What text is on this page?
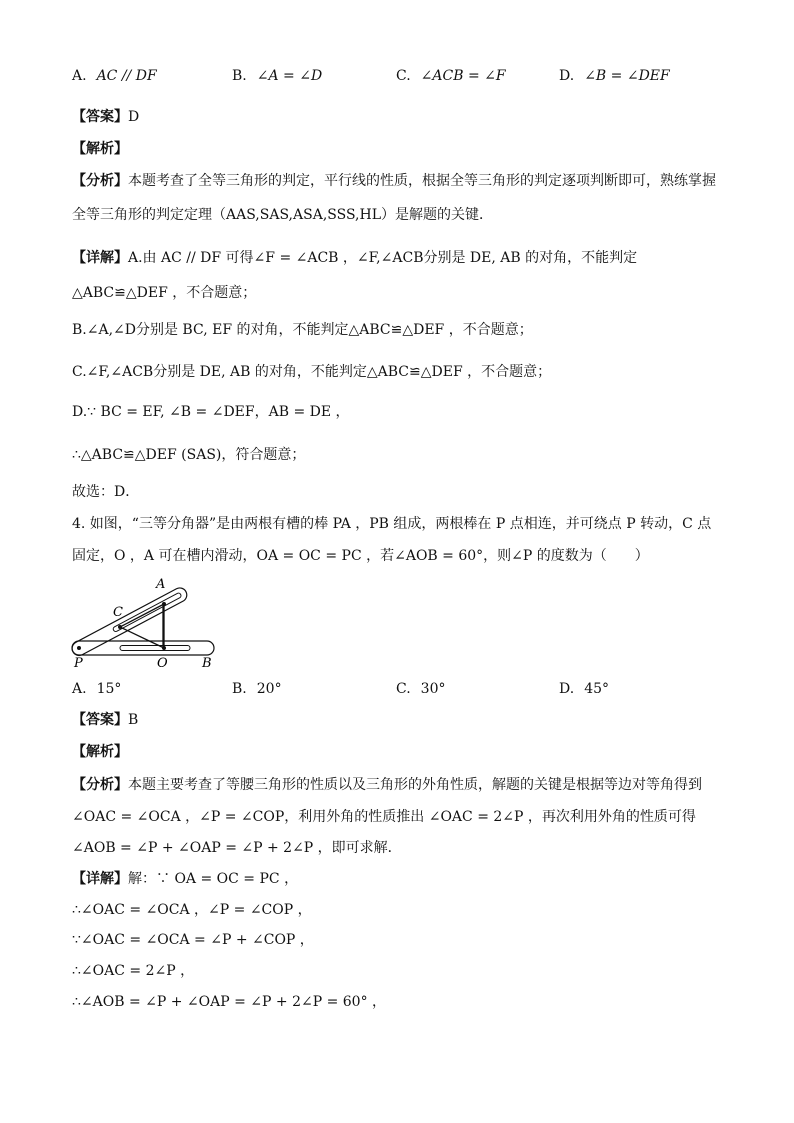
A. AC // DF	B. ∠A = ∠D	C. ∠ACB = ∠F	D. ∠B = ∠DEF
【答案】D
【解析】
【分析】本题考查了全等三角形的判定，平行线的性质，根据全等三角形的判定逐项判断即可，熟练掌握
全等三角形的判定定理（AAS,SAS,ASA,SSS,HL）是解题的关键．
【详解】A.由 AC // DF 可得∠F = ∠ACB ，∠F,∠ACB分别是 DE, AB 的对角，不能判定
△ABC≌△DEF ，不合题意；
B.∠A,∠D分别是 BC, EF 的对角，不能判定△ABC≌△DEF ，不合题意；
C.∠F,∠ACB分别是 DE, AB 的对角，不能判定△ABC≌△DEF ，不合题意；
D.∵ BC = EF, ∠B = ∠DEF，AB = DE ，
∴△ABC≌△DEF (SAS)，符合题意；
故选：D．
4. 如图，“三等分角器”是由两根有槽的棒 PA ，PB 组成，两根棒在 P 点相连，并可绕点 P 转动，C 点
固定，O ，A 可在槽内滑动，OA = OC = PC ，若∠AOB = 60°，则∠P 的度数为（　　）
A
C
P	O	B
A. 15°	B. 20°	C. 30°	D. 45°
【答案】B
【解析】
【分析】本题主要考查了等腰三角形的性质以及三角形的外角性质，解题的关键是根据等边对等角得到
∠OAC = ∠OCA ，∠P = ∠COP，利用外角的性质推出 ∠OAC = 2∠P ，再次利用外角的性质可得
∠AOB = ∠P + ∠OAP = ∠P + 2∠P ，即可求解．
【详解】解：∵ OA = OC = PC ，
∴∠OAC = ∠OCA ，∠P = ∠COP ，
∵∠OAC = ∠OCA = ∠P + ∠COP ，
∴∠OAC = 2∠P ，
∴∠AOB = ∠P + ∠OAP = ∠P + 2∠P = 60° ，
